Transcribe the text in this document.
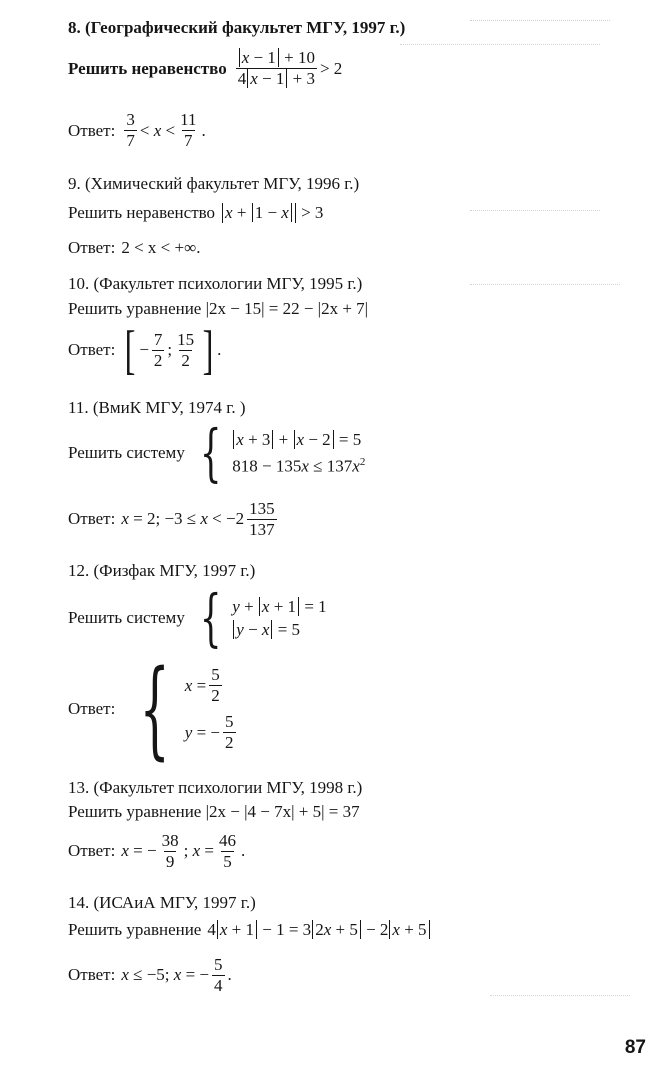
8. (Географический факультет МГУ, 1997 г.)
Решить неравенство $\frac{x - 1 + 10}{4 x - 1 + 3} > 2$
Ответ: $\frac{3}{7} < x < \frac{11}{7}$ .
9. (Химический факультет МГУ, 1996 г.)
Решить неравенство x + 1 − x > 3
Ответ: 2 < x < +∞.
10. (Факультет психологии МГУ, 1995 г.)
Решить уравнение
|2x − 15| = 22 − |2x + 7|
Ответ: [ − $\frac{7}{2}$ ; $\frac{15}{2}$ ] .
11. (ВмиК МГУ, 1974 г. )
Решить систему { x + 3 + x − 2 = 5
$818 - 135x \le 137x^2$
Ответ: x = 2; $-3 \le x < -2 \frac{135}{137}$
12. (Физфак МГУ, 1997 г.)
Решить систему { y + x + 1 = 1
y − x = 5
Ответ: { $x = \frac{5}{2}$
y = − $\frac{5}{2}$
13. (Факультет психологии МГУ, 1998 г.)
Решить уравнение
|2x − |4 − 7x| + 5| = 37
Ответ: x = − $\frac{38}{9}$ ; $x = \frac{46}{5}$ .
14. (ИСАиА МГУ, 1997 г.)
Решить уравнение 4 x + 1 − 1 = 3 2x + 5 − 2 x + 5
Ответ: x ≤ −5; x = − $\frac{5}{4}$ .
87
